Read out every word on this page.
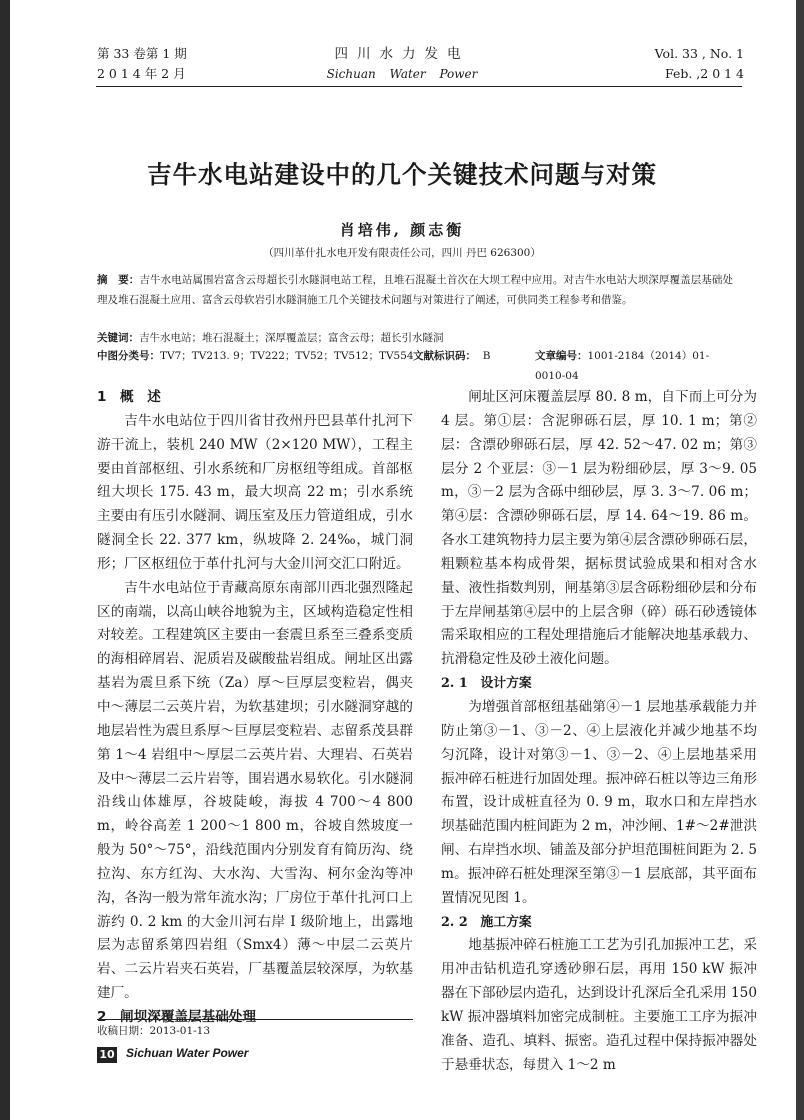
第 33 卷第 1 期
2 0 1 4 年 2 月
四川水力发电
Sichuan Water Power
Vol. 33 , No. 1
Feb. ,2 0 1 4
吉牛水电站建设中的几个关键技术问题与对策
肖培伟, 颜志衡
（四川革什扎水电开发有限责任公司，四川 丹巴 626300）
摘　要：吉牛水电站属围岩富含云母超长引水隧洞电站工程，且堆石混凝土首次在大坝工程中应用。对吉牛水电站大坝深厚覆盖层基础处理及堆石混凝土应用、富含云母软岩引水隧洞施工几个关键技术问题与对策进行了阐述，可供同类工程参考和借鉴。
关键词：吉牛水电站；堆石混凝土；深厚覆盖层；富含云母；超长引水隧洞
中图分类号：TV7；TV213. 9；TV222；TV52；TV512；TV554 文献标识码： B	文章编号：1001-2184（2014）01-0010-04
1　概　述

吉牛水电站位于四川省甘孜州丹巴县革什扎河下游干流上，装机 240 MW（2×120 MW），工程主要由首部枢纽、引水系统和厂房枢纽等组成。首部枢纽大坝长 175. 43 m，最大坝高 22 m；引水系统主要由有压引水隧洞、调压室及压力管道组成，引水隧洞全长 22. 377 km，纵坡降 2. 24‰，城门洞形；厂区枢纽位于革什扎河与大金川河交汇口附近。

吉牛水电站位于青藏高原东南部川西北强烈隆起区的南端，以高山峡谷地貌为主，区域构造稳定性相对较差。工程建筑区主要由一套震旦系至三叠系变质的海相碎屑岩、泥质岩及碳酸盐岩组成。闸址区出露基岩为震旦系下统（Za）厚～巨厚层变粒岩，偶夹中～薄层二云英片岩，为软基建坝；引水隧洞穿越的地层岩性为震旦系厚～巨厚层变粒岩、志留系茂县群第 1～4 岩组中～厚层二云英片岩、大理岩、石英岩及中～薄层二云片岩等，围岩遇水易软化。引水隧洞沿线山体雄厚，谷坡陡峻，海拔 4 700～4 800 m，岭谷高差 1 200～1 800 m，谷坡自然坡度一般为 50°～75°，沿线范围内分别发育有简历沟、绕拉沟、东方红沟、大水沟、大雪沟、柯尔金沟等冲沟，各沟一般为常年流水沟；厂房位于革什扎河口上游约 0. 2 km 的大金川河右岸 Ⅰ 级阶地上，出露地层为志留系第四岩组（Smx4）薄～中层二云英片岩、二云片岩夹石英岩，厂基覆盖层较深厚，为软基建厂。

2　闸坝深覆盖层基础处理

闸址区河床覆盖层厚 80. 8 m，自下而上可分为 4 层。第①层：含泥卵砾石层，厚 10. 1 m；第②层：含漂砂卵砾石层，厚 42. 52～47. 02 m；第③层分 2 个亚层：③－1 层为粉细砂层，厚 3～9. 05 m，③－2 层为含砾中细砂层，厚 3. 3～7. 06 m；第④层：含漂砂卵砾石层，厚 14. 64～19. 86 m。各水工建筑物持力层主要为第④层含漂砂卵砾石层，粗颗粒基本构成骨架，据标贯试验成果和相对含水量、液性指数判别，闸基第③层含砾粉细砂层和分布于左岸闸基第④层中的上层含卵（碎）砾石砂透镜体需采取相应的工程处理措施后才能解决地基承载力、抗滑稳定性及砂土液化问题。

2. 1　设计方案

为增强首部枢纽基础第④－1 层地基承载能力并防止第③－1、③－2、④上层液化并减少地基不均匀沉降，设计对第③－1、③－2、④上层地基采用振冲碎石桩进行加固处理。振冲碎石桩以等边三角形布置，设计成桩直径为 0. 9 m，取水口和左岸挡水坝基础范围内桩间距为 2 m，冲沙闸、1#～2#泄洪闸、右岸挡水坝、铺盖及部分护坦范围桩间距为 2. 5 m。振冲碎石桩处理深至第③－1 层底部，其平面布置情况见图 1。

2. 2　施工方案

地基振冲碎石桩施工工艺为引孔加振冲工艺，采用冲击钻机造孔穿透砂卵石层，再用 150 kW 振冲器在下部砂层内造孔，达到设计孔深后全孔采用 150 kW 振冲器填料加密完成制桩。主要施工工序为振冲准备、造孔、填料、振密。造孔过程中保持振冲器处于悬垂状态，每贯入 1～2 m

收稿日期：2013-01-13
10 Sichuan Water Power
